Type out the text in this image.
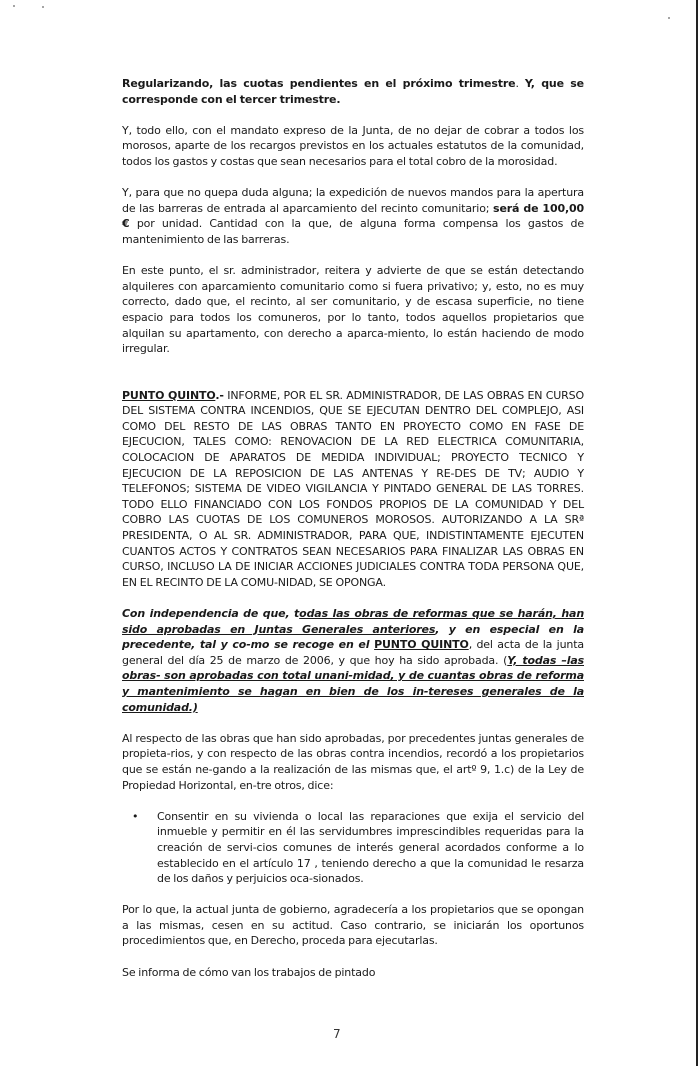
Regularizando, las cuotas pendientes en el próximo trimestre. Y, que se corresponde con el tercer trimestre.

Y, todo ello, con el mandato expreso de la Junta, de no dejar de cobrar a todos los morosos, aparte de los recargos previstos en los actuales estatutos de la comunidad, todos los gastos y costas que sean necesarios para el total cobro de la morosidad.

Y, para que no quepa duda alguna; la expedición de nuevos mandos para la apertura de las barreras de entrada al aparcamiento del recinto comunitario; será de 100,00 € por unidad. Cantidad con la que, de alguna forma compensa los gastos de mantenimiento de las barreras.

En este punto, el sr. administrador, reitera y advierte de que se están detectando alquileres con aparcamiento comunitario como si fuera privativo; y, esto, no es muy correcto, dado que, el recinto, al ser comunitario, y de escasa superficie, no tiene espacio para todos los comuneros, por lo tanto, todos aquellos propietarios que alquilan su apartamento, con derecho a aparca-miento, lo están haciendo de modo irregular.

PUNTO QUINTO.- INFORME, POR EL SR. ADMINISTRADOR, DE LAS OBRAS EN CURSO DEL SISTEMA CONTRA INCENDIOS, QUE SE EJECUTAN DENTRO DEL COMPLEJO, ASI COMO DEL RESTO DE LAS OBRAS TANTO EN PROYECTO COMO EN FASE DE EJECUCION, TALES COMO: RENOVACION DE LA RED ELECTRICA COMUNITARIA, COLOCACION DE APARATOS DE MEDIDA INDIVIDUAL; PROYECTO TECNICO Y EJECUCION DE LA REPOSICION DE LAS ANTENAS Y RE-DES DE TV; AUDIO Y TELEFONOS; SISTEMA DE VIDEO VIGILANCIA Y PINTADO GENERAL DE LAS TORRES. TODO ELLO FINANCIADO CON LOS FONDOS PROPIOS DE LA COMUNIDAD Y DEL COBRO LAS CUOTAS DE LOS COMUNEROS MOROSOS. AUTORIZANDO A LA SRª PRESIDENTA, O AL SR. ADMINISTRADOR, PARA QUE, INDISTINTAMENTE EJECUTEN CUANTOS ACTOS Y CONTRATOS SEAN NECESARIOS PARA FINALIZAR LAS OBRAS EN CURSO, INCLUSO LA DE INICIAR ACCIONES JUDICIALES CONTRA TODA PERSONA QUE, EN EL RECINTO DE LA COMU-NIDAD, SE OPONGA.

Con independencia de que, todas las obras de reformas que se harán, han sido aprobadas en Juntas Generales anteriores, y en especial en la precedente, tal y co-mo se recoge en el PUNTO QUINTO, del acta de la junta general del día 25 de marzo de 2006, y que hoy ha sido aprobada. (Y, todas –las obras- son aprobadas con total unani-midad, y de cuantas obras de reforma y mantenimiento se hagan en bien de los in-tereses generales de la comunidad.)

Al respecto de las obras que han sido aprobadas, por precedentes juntas generales de propieta-rios, y con respecto de las obras contra incendios, recordó a los propietarios que se están ne-gando a la realización de las mismas que, el artº 9, 1.c) de la Ley de Propiedad Horizontal, en-tre otros, dice:

•	Consentir en su vivienda o local las reparaciones que exija el servicio del inmueble y permitir en él las servidumbres imprescindibles requeridas para la creación de servi-cios comunes de interés general acordados conforme a lo establecido en el artículo 17 , teniendo derecho a que la comunidad le resarza de los daños y perjuicios oca-sionados.

Por lo que, la actual junta de gobierno, agradecería a los propietarios que se opongan a las mismas, cesen en su actitud. Caso contrario, se iniciarán los oportunos procedimientos que, en Derecho, proceda para ejecutarlas.

Se informa de cómo van los trabajos de pintado

7
